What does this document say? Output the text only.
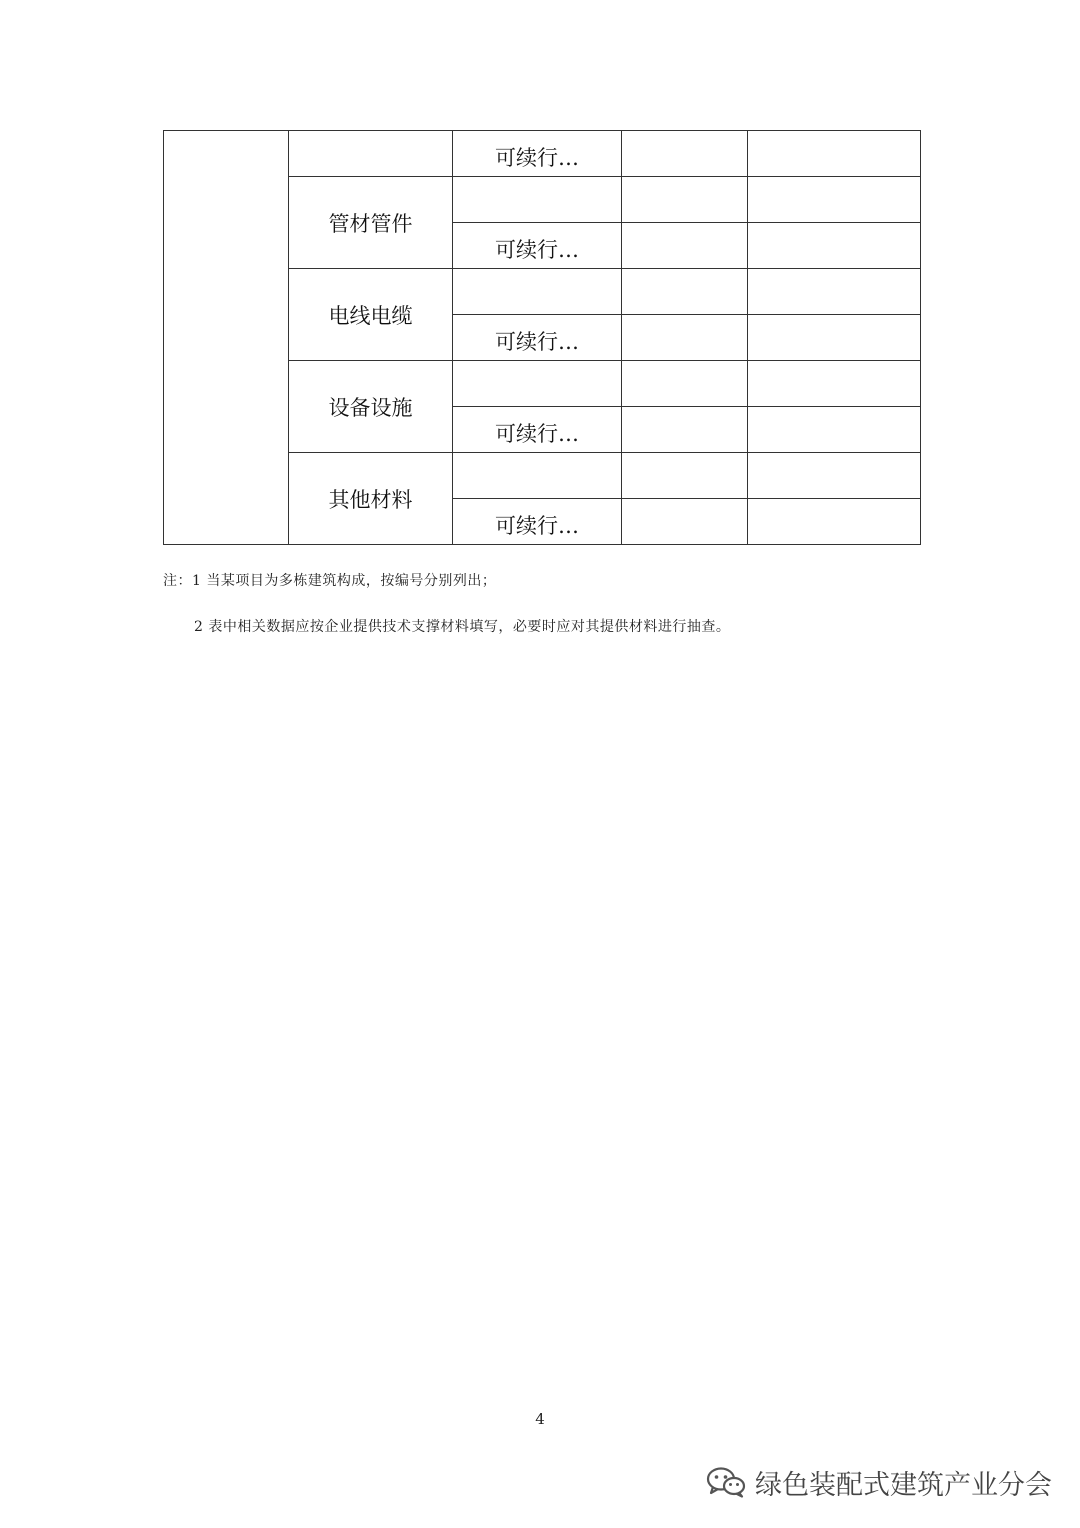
		可续行…		
	管材管件			
		可续行…		
	电线电缆			
		可续行…		
	设备设施			
		可续行…		
	其他材料			
		可续行…		
注：1 当某项目为多栋建筑构成，按编号分别列出；
2 表中相关数据应按企业提供技术支撑材料填写，必要时应对其提供材料进行抽查。
4
绿色装配式建筑产业分会
